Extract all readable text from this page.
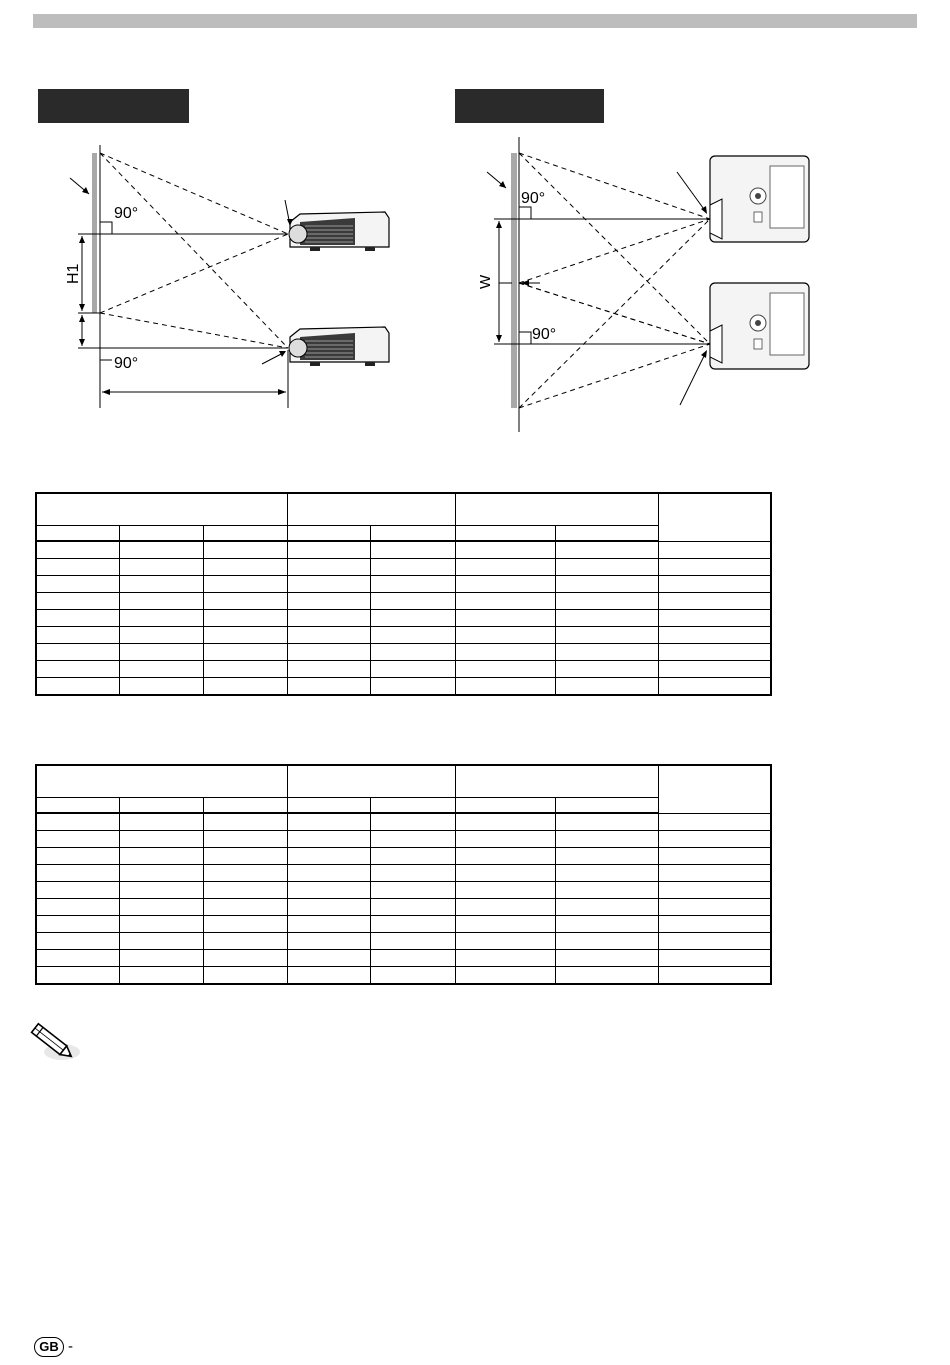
90°
90°
H1
90°
90°
W

GB -
